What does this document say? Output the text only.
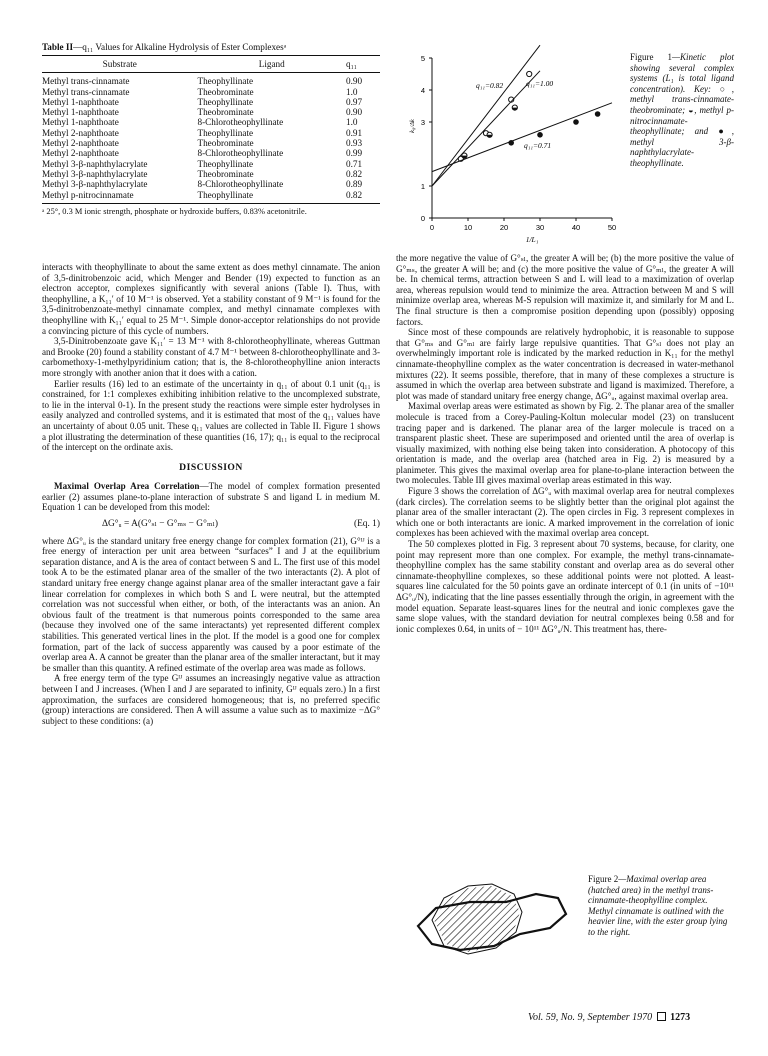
Table II—q₁₁ Values for Alkaline Hydrolysis of Ester Complexesᵃ
Substrate	Ligand	q₁₁
Methyl trans-cinnamate	Theophyllinate	0.90
Methyl trans-cinnamate	Theobrominate	1.0
Methyl 1-naphthoate	Theophyllinate	0.97
Methyl 1-naphthoate	Theobrominate	0.90
Methyl 1-naphthoate	8-Chlorotheophyllinate	1.0
Methyl 2-naphthoate	Theophyllinate	0.91
Methyl 2-naphthoate	Theobrominate	0.93
Methyl 2-naphthoate	8-Chlorotheophyllinate	0.99
Methyl 3-β-naphthylacrylate	Theophyllinate	0.71
Methyl 3-β-naphthylacrylate	Theobrominate	0.82
Methyl 3-β-naphthylacrylate	8-Chlorotheophyllinate	0.89
Methyl p-nitrocinnamate	Theophyllinate	0.82
ᵃ 25°, 0.3 M ionic strength, phosphate or hydroxide buffers, 0.83% acetonitrile.
0	10	20	30	40	50
0
1
3
4
5
1/L₁
k₀/Δk
q₁₁=1.00
q₁₁=0.82
q₁₁=0.71
Figure 1—Kinetic plot showing several complex systems (L₁ is total ligand concentration). Key: ○, methyl trans-cinnamate-theobrominate; ◒, methyl p-nitrocinnamate-theophyllinate; and ●, methyl 3-β-naphthylacrylate-theophyllinate.

interacts with theophyllinate to about the same extent as does methyl cinnamate. The anion of 3,5-dinitrobenzoic acid, which Menger and Bender (19) expected to function as an electron acceptor, complexes significantly with several anions (Table I). Thus, with theophylline, a K₁₁′ of 10 M⁻¹ is observed. Yet a stability constant of 9 M⁻¹ is found for the 3,5-dinitrobenzoate-methyl cinnamate complex, and methyl cinnamate complexes with theophylline with K₁₁′ equal to 25 M⁻¹. Simple donor-acceptor relationships do not provide a convincing picture of this cycle of numbers.

3,5-Dinitrobenzoate gave K₁₁′ = 13 M⁻¹ with 8-chlorotheophyllinate, whereas Guttman and Brooke (20) found a stability constant of 4.7 M⁻¹ between 8-chlorotheophyllinate and 3-carbomethoxy-1-methylpyridinium cation; that is, the 8-chlorotheophylline anion interacts more strongly with another anion that it does with a cation.

Earlier results (16) led to an estimate of the uncertainty in q₁₁ of about 0.1 unit (q₁₁ is constrained, for 1:1 complexes exhibiting inhibition relative to the uncomplexed substrate, to lie in the interval 0-1). In the present study the reactions were simple ester hydrolyses in easily analyzed and controlled systems, and it is estimated that most of the q₁₁ values have an uncertainty of about 0.05 unit. These q₁₁ values are collected in Table II. Figure 1 shows a plot illustrating the determination of these quantities (16, 17); q₁₁ is equal to the reciprocal of the intercept on the ordinate axis.

DISCUSSION

Maximal Overlap Area Correlation—The model of complex formation presented earlier (2) assumes plane-to-plane interaction of substrate S and ligand L in medium M. Equation 1 can be developed from this model:

ΔG°ᵤ = A(G°ₛₗ − G°ₘₛ − G°ₘₗ)	(Eq. 1)

where ΔG°ᵤ is the standard unitary free energy change for complex formation (21), G°ᴵᴶ is a free energy of interaction per unit area between “surfaces” I and J at the equilibrium separation distance, and A is the area of contact between S and L. The first use of this model took A to be the estimated planar area of the smaller of the two interactants (2). A plot of standard unitary free energy change against planar area of the smaller interactant gave a fair linear correlation for complexes in which both S and L were neutral, but the attempted correlation was not successful when either, or both, of the interactants was an anion. An obvious fault of the treatment is that numerous points corresponded to the same area (because they involved one of the same interactants) yet represented different complex stabilities. This generated vertical lines in the plot. If the model is a good one for complex formation, part of the lack of success apparently was caused by a poor estimate of the overlap area A. A cannot be greater than the planar area of the smaller interactant, but it may be smaller than this quantity. A refined estimate of the overlap area was made as follows.

A free energy term of the type Gᴵᴶ assumes an increasingly negative value as attraction between I and J increases. (When I and J are separated to infinity, Gᴵᴶ equals zero.) In a first approximation, the surfaces are considered homogeneous; that is, no preferred specific (group) interactions are considered. Then A will assume a value such as to maximize −ΔG° subject to these conditions: (a)

the more negative the value of G°ₛₗ, the greater A will be; (b) the more positive the value of G°ₘₛ, the greater A will be; and (c) the more positive the value of G°ₘₗ, the greater A will be. In chemical terms, attraction between S and L will lead to a maximization of overlap area, whereas repulsion would tend to minimize the area. Attraction between M and S will minimize overlap area, whereas M-S repulsion will maximize it, and similarly for M and L. The final structure is then a compromise position depending upon (possibly) opposing factors.

Since most of these compounds are relatively hydrophobic, it is reasonable to suppose that G°ₘₛ and G°ₘₗ are fairly large repulsive quantities. That G°ₛₗ does not play an overwhelmingly important role is indicated by the marked reduction in K₁₁ for the methyl cinnamate-theophylline complex as the water concentration is decreased in water-methanol mixtures (22). It seems possible, therefore, that in many of these complexes a structure is assumed in which the overlap area between substrate and ligand is maximized. Therefore, a plot was made of standard unitary free energy change, ΔG°ᵤ, against maximal overlap area.

Maximal overlap areas were estimated as shown by Fig. 2. The planar area of the smaller molecule is traced from a Corey-Pauling-Koltun molecular model (23) on translucent tracing paper and is darkened. The planar area of the larger molecule is traced on a transparent plastic sheet. These are superimposed and oriented until the area of overlap is visually maximized, with nothing else being taken into consideration. A photocopy of this orientation is made, and the overlap area (hatched area in Fig. 2) is measured by a planimeter. This gives the maximal overlap area for plane-to-plane interaction between the two molecules. Table III gives maximal overlap areas estimated in this way.

Figure 3 shows the correlation of ΔG°ᵤ with maximal overlap area for neutral complexes (dark circles). The correlation seems to be slightly better than the original plot against the planar area of the smaller interactant (2). The open circles in Fig. 3 represent complexes in which one or both interactants are ionic. A marked improvement in the correlation of ionic complexes has been achieved with the maximal overlap area concept.

The 50 complexes plotted in Fig. 3 represent about 70 systems, because, for clarity, one point may represent more than one complex. For example, the methyl trans-cinnamate-theophylline complex has the same stability constant and overlap area as do several other cinnamate-theophylline complexes, so these additional points were not plotted. A least-squares line calculated for the 50 points gave an ordinate intercept of 0.1 (in units of −10¹¹ ΔG°ᵤ/N), indicating that the line passes essentially through the origin, in agreement with the model equation. Separate least-squares lines for the neutral and ionic complexes gave the same slope values, with the standard deviation for neutral complexes being 0.58 and for ionic complexes 0.64, in units of − 10¹¹ ΔG°ᵤ/N. This treatment has, there-

Figure 2—Maximal overlap area (hatched area) in the methyl trans-cinnamate-theophylline complex. Methyl cinnamate is outlined with the heavier line, with the ester group lying to the right.
Vol. 59, No. 9, September 1970 1273
